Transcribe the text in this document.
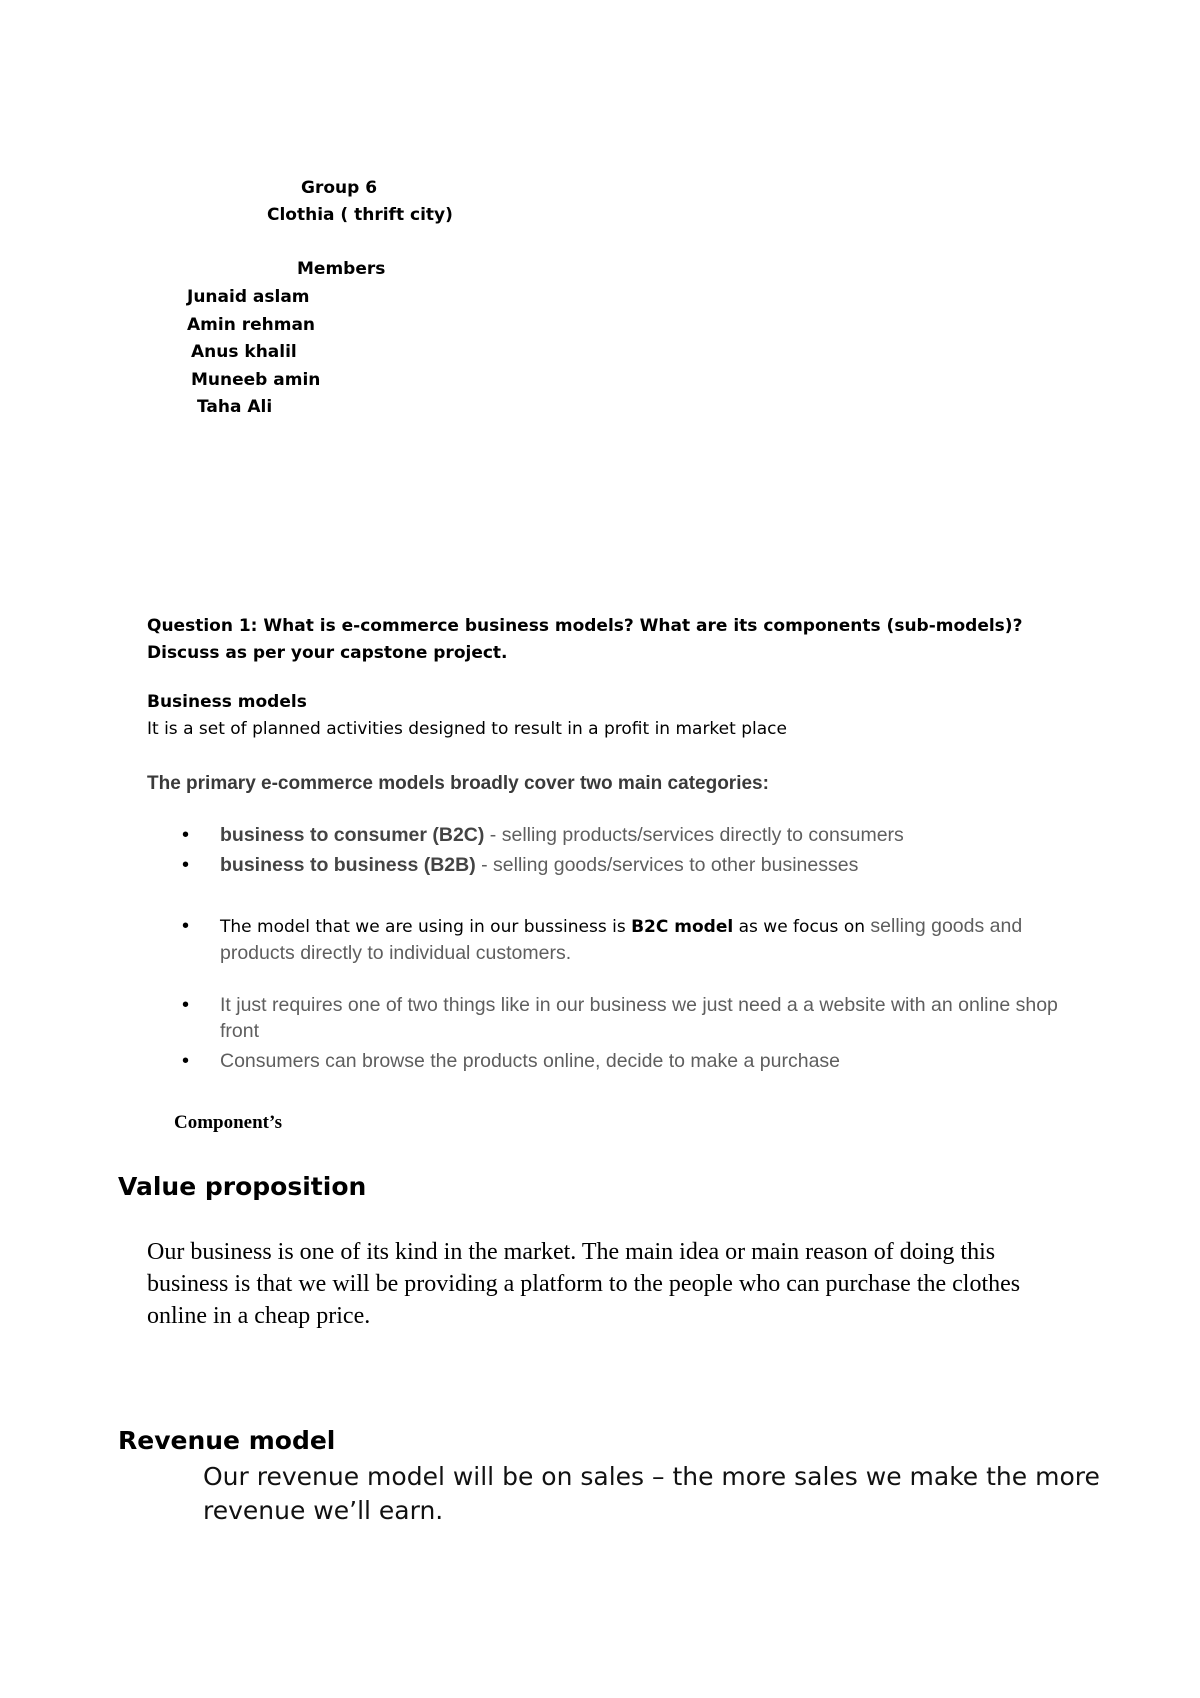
Group 6
Clothia ( thrift city)
Members
Junaid aslam
Amin rehman
Anus khalil
Muneeb amin
Taha Ali
Question 1: What is e-commerce business models? What are its components (sub-models)?
Discuss as per your capstone project.
Business models
It is a set of planned activities designed to result in a profit in market place
The primary e-commerce models broadly cover two main categories:
• business to consumer (B2C) - selling products/services directly to consumers
• business to business (B2B) - selling goods/services to other businesses
• The model that we are using in our bussiness is B2C model as we focus on selling goods and products directly to individual customers.
• It just requires one of two things like in our business we just need a a website with an online shop front
• Consumers can browse the products online, decide to make a purchase
Component’s
Value proposition
Our business is one of its kind in the market. The main idea or main reason of doing this business is that we will be providing a platform to the people who can purchase the clothes online in a cheap price.
Revenue model
Our revenue model will be on sales – the more sales we make the more revenue we’ll earn.
